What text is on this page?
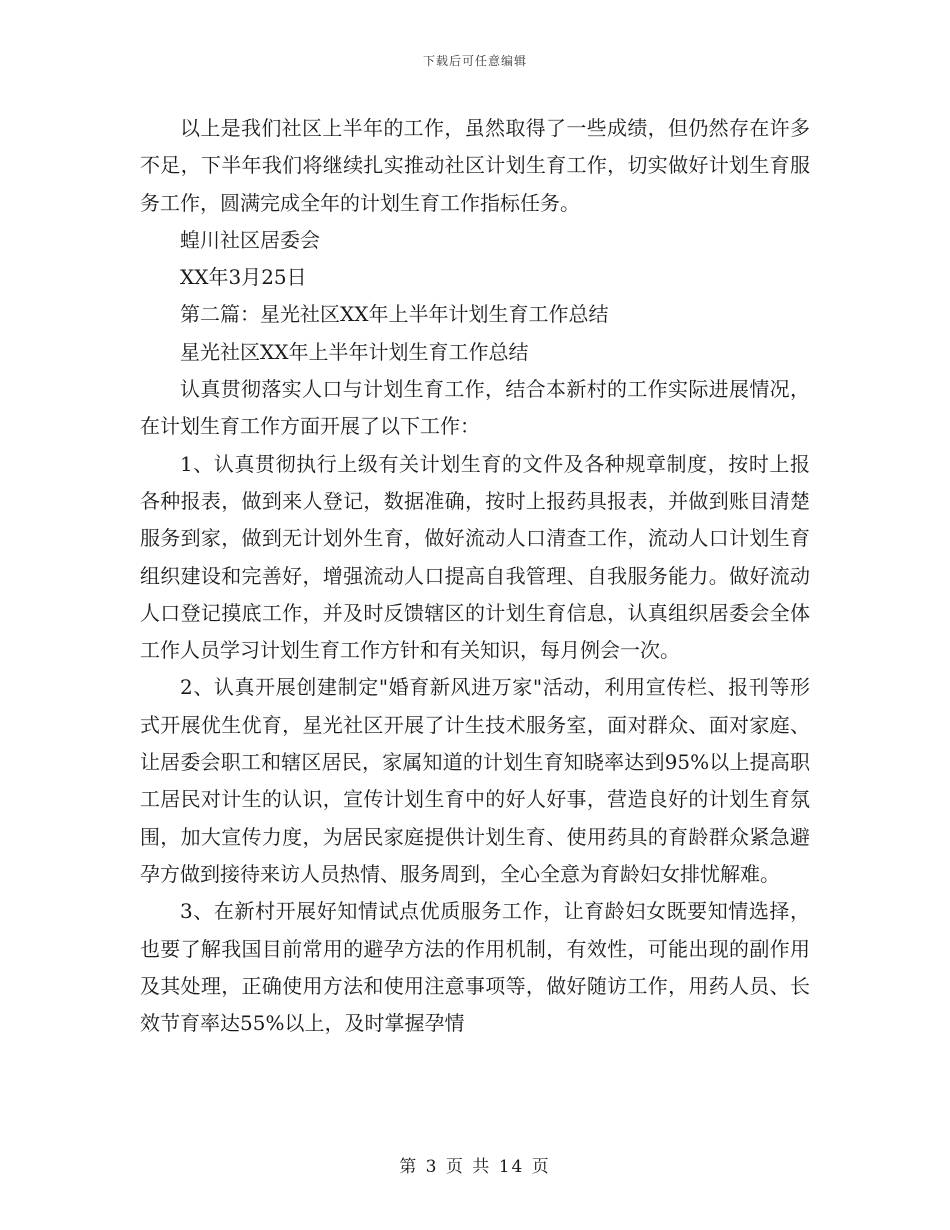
下载后可任意编辑

以上是我们社区上半年的工作，虽然取得了一些成绩，但仍然存在许多不足，下半年我们将继续扎实推动社区计划生育工作，切实做好计划生育服务工作，圆满完成全年的计划生育工作指标任务。

蝗川社区居委会

XX年3月25日

第二篇：星光社区XX年上半年计划生育工作总结

星光社区XX年上半年计划生育工作总结

认真贯彻落实人口与计划生育工作，结合本新村的工作实际进展情况，在计划生育工作方面开展了以下工作：

1、认真贯彻执行上级有关计划生育的文件及各种规章制度，按时上报各种报表，做到来人登记，数据准确，按时上报药具报表，并做到账目清楚服务到家，做到无计划外生育，做好流动人口清查工作，流动人口计划生育组织建设和完善好，增强流动人口提高自我管理、自我服务能力。做好流动人口登记摸底工作，并及时反馈辖区的计划生育信息，认真组织居委会全体工作人员学习计划生育工作方针和有关知识，每月例会一次。

2、认真开展创建制定"婚育新风进万家"活动，利用宣传栏、报刊等形式开展优生优育，星光社区开展了计生技术服务室，面对群众、面对家庭、让居委会职工和辖区居民，家属知道的计划生育知晓率达到95%以上提高职工居民对计生的认识，宣传计划生育中的好人好事，营造良好的计划生育氛围，加大宣传力度，为居民家庭提供计划生育、使用药具的育龄群众紧急避孕方做到接待来访人员热情、服务周到，全心全意为育龄妇女排忧解难。

3、在新村开展好知情试点优质服务工作，让育龄妇女既要知情选择，也要了解我国目前常用的避孕方法的作用机制，有效性，可能出现的副作用及其处理，正确使用方法和使用注意事项等，做好随访工作，用药人员、长效节育率达55%以上，及时掌握孕情

第 3 页 共 14 页
